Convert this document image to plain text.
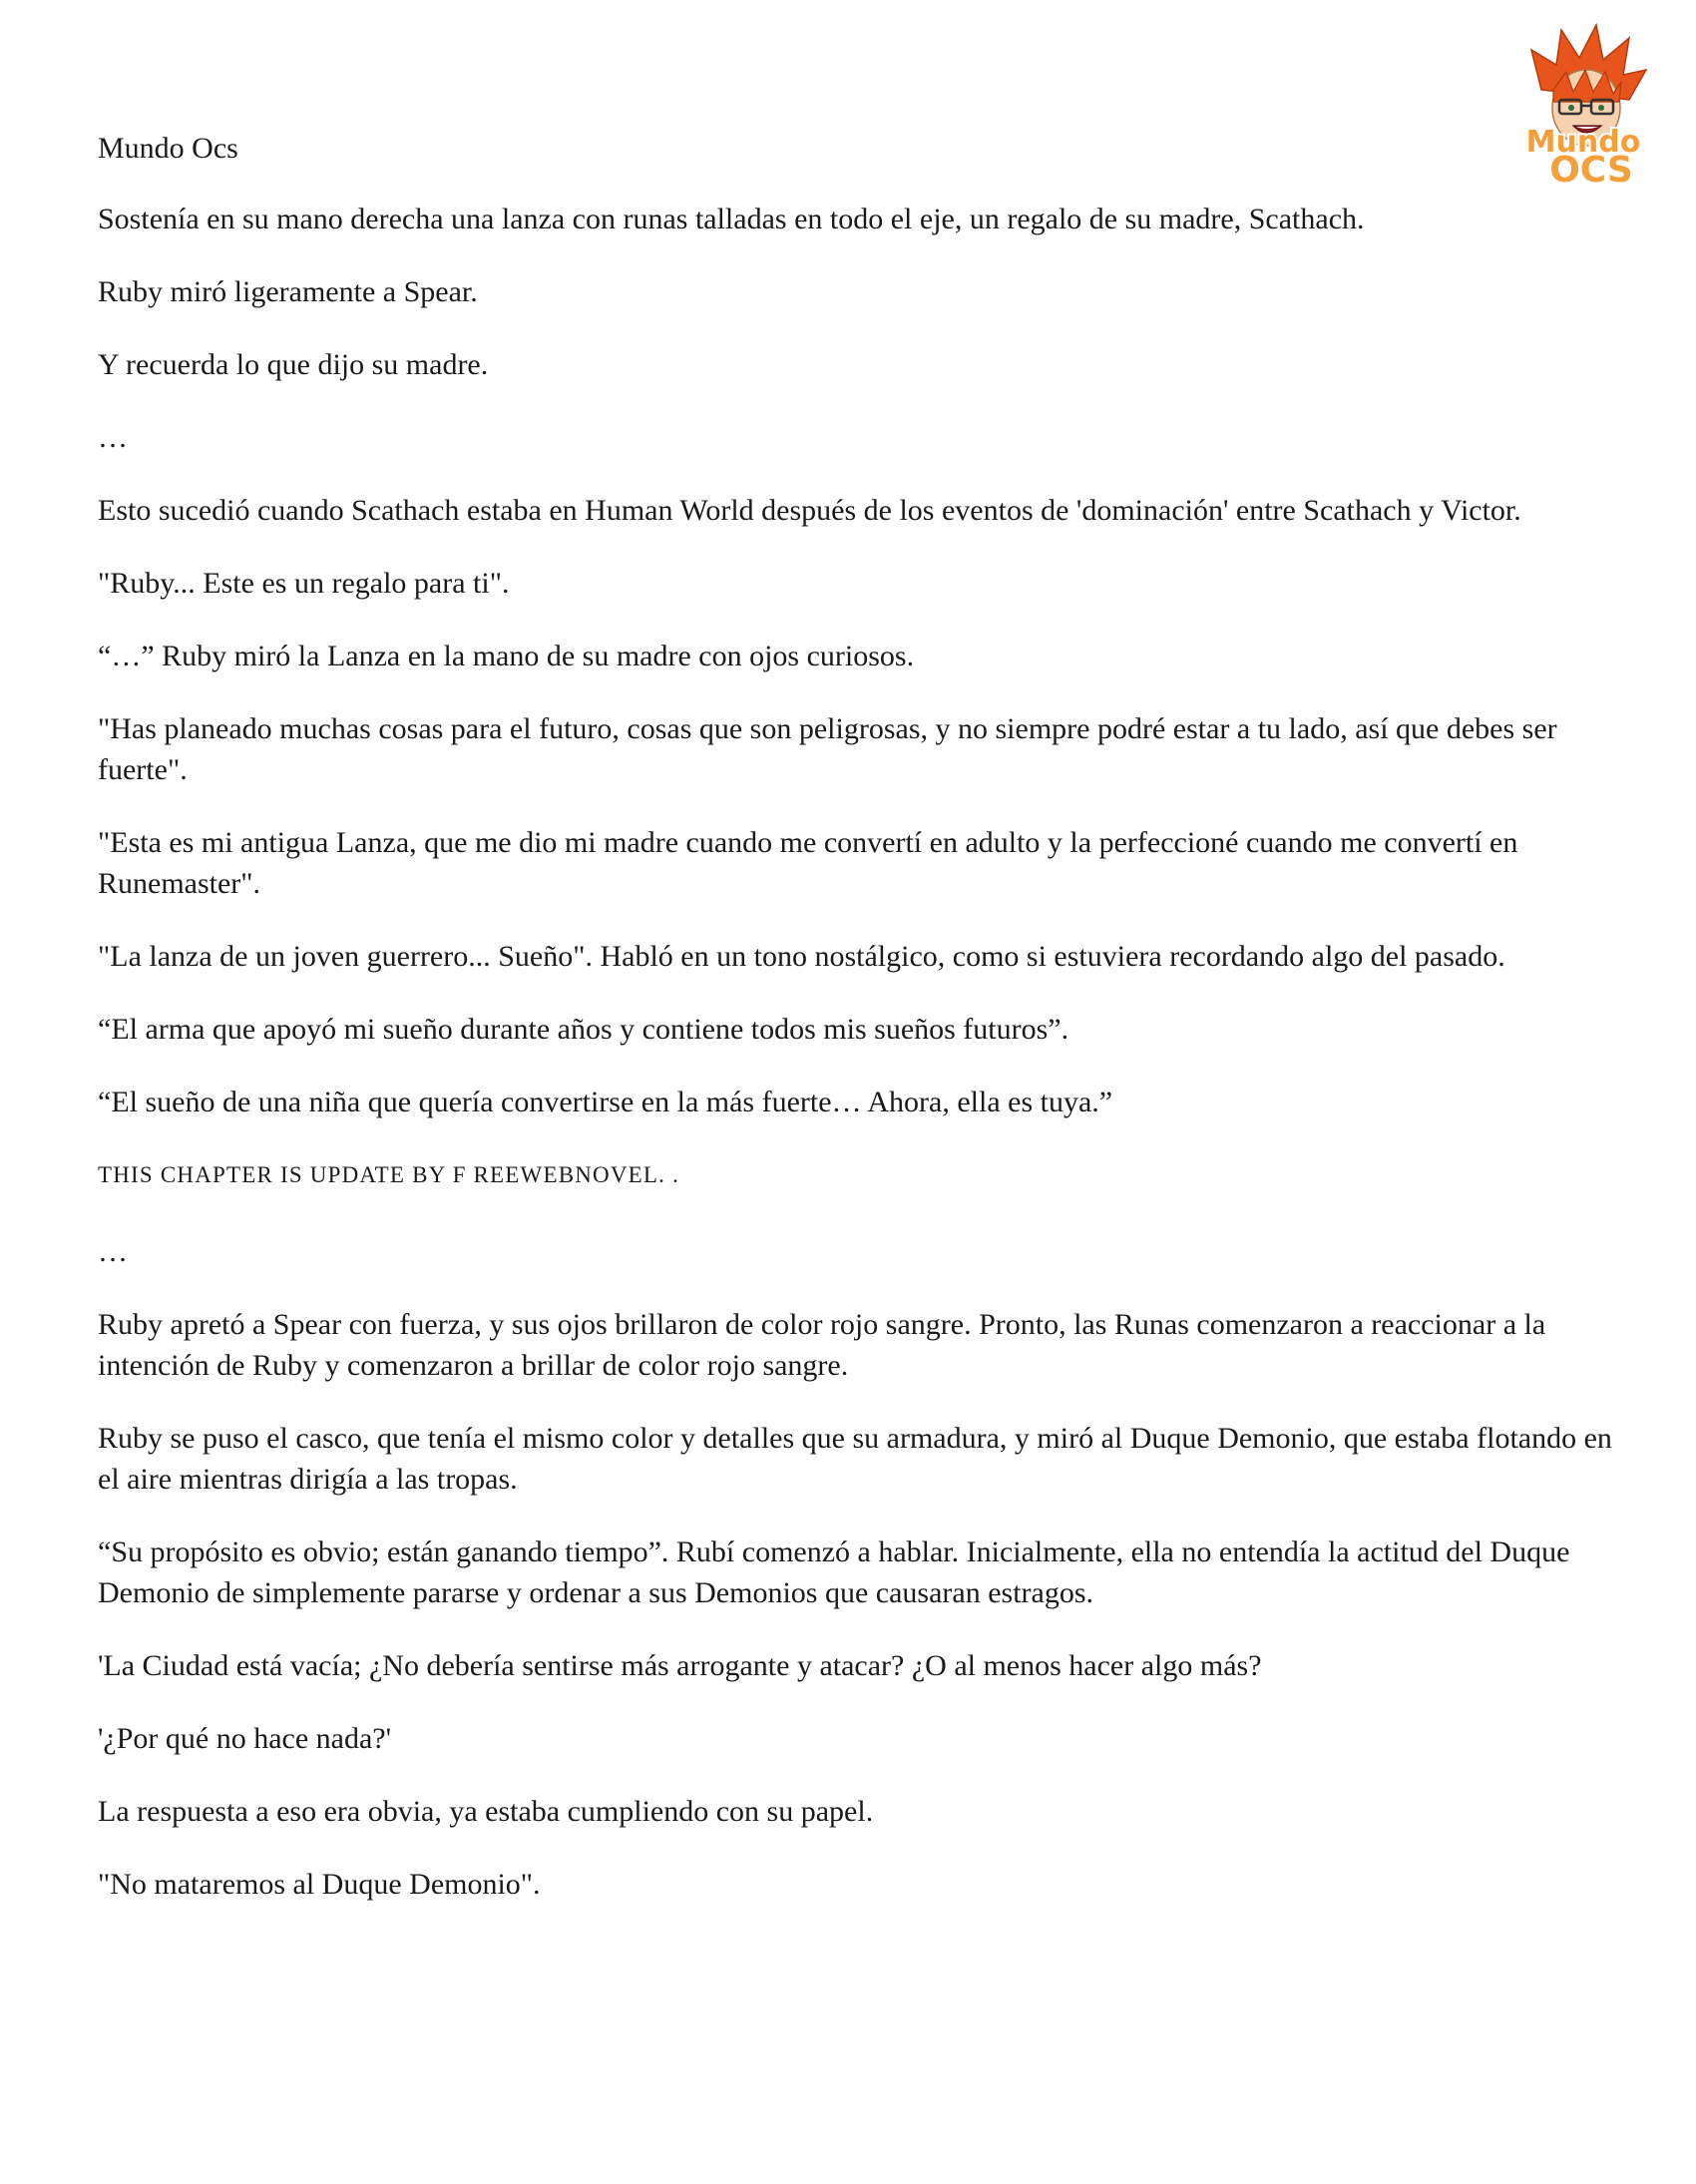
Mundo
OCS

Mundo Ocs

Sostenía en su mano derecha una lanza con runas talladas en todo el eje, un regalo de su madre, Scathach.

Ruby miró ligeramente a Spear.

Y recuerda lo que dijo su madre.

…

Esto sucedió cuando Scathach estaba en Human World después de los eventos de 'dominación' entre Scathach y Victor.

"Ruby... Este es un regalo para ti".

“…” Ruby miró la Lanza en la mano de su madre con ojos curiosos.

"Has planeado muchas cosas para el futuro, cosas que son peligrosas, y no siempre podré estar a tu lado, así que debes ser fuerte".

"Esta es mi antigua Lanza, que me dio mi madre cuando me convertí en adulto y la perfeccioné cuando me convertí en Runemaster".

"La lanza de un joven guerrero... Sueño". Habló en un tono nostálgico, como si estuviera recordando algo del pasado.

“El arma que apoyó mi sueño durante años y contiene todos mis sueños futuros”.

“El sueño de una niña que quería convertirse en la más fuerte… Ahora, ella es tuya.”

THIS CHAPTER IS UPDATE BY F REEWEBNOVEL. .

…

Ruby apretó a Spear con fuerza, y sus ojos brillaron de color rojo sangre. Pronto, las Runas comenzaron a reaccionar a la intención de Ruby y comenzaron a brillar de color rojo sangre.

Ruby se puso el casco, que tenía el mismo color y detalles que su armadura, y miró al Duque Demonio, que estaba flotando en el aire mientras dirigía a las tropas.

“Su propósito es obvio; están ganando tiempo”. Rubí comenzó a hablar. Inicialmente, ella no entendía la actitud del Duque Demonio de simplemente pararse y ordenar a sus Demonios que causaran estragos.

'La Ciudad está vacía; ¿No debería sentirse más arrogante y atacar? ¿O al menos hacer algo más?

'¿Por qué no hace nada?'

La respuesta a eso era obvia, ya estaba cumpliendo con su papel.

"No mataremos al Duque Demonio".
